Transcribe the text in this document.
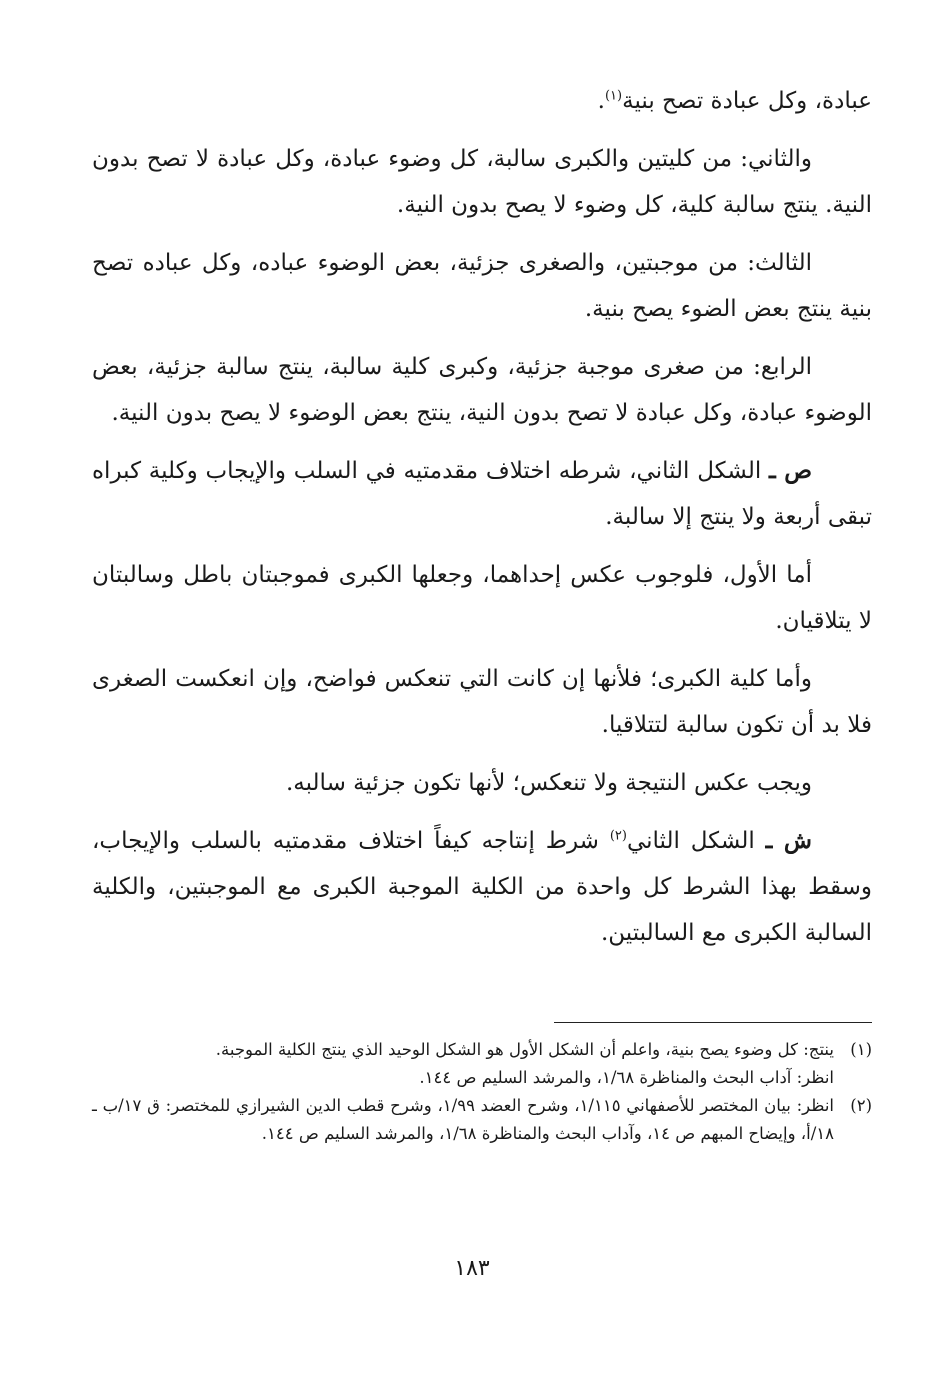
عبادة، وكل عبادة تصح بنية$^{(١)}$.

والثاني: من كليتين والكبرى سالبة، كل وضوء عبادة، وكل عبادة لا تصح بدون النية. ينتج سالبة كلية، كل وضوء لا يصح بدون النية.

الثالث: من موجبتين، والصغرى جزئية، بعض الوضوء عباده، وكل عباده تصح بنية ينتج بعض الضوء يصح بنية.

الرابع: من صغرى موجبة جزئية، وكبرى كلية سالبة، ينتج سالبة جزئية، بعض الوضوء عبادة، وكل عبادة لا تصح بدون النية، ينتج بعض الوضوء لا يصح بدون النية.

ص ـ الشكل الثاني، شرطه اختلاف مقدمتيه في السلب والإيجاب وكلية كبراه تبقى أربعة ولا ينتج إلا سالبة.

أما الأول، فلوجوب عكس إحداهما، وجعلها الكبرى فموجبتان باطل وسالبتان لا يتلاقيان.

وأما كلية الكبرى؛ فلأنها إن كانت التي تنعكس فواضح، وإن انعكست الصغرى فلا بد أن تكون سالبة لتتلاقيا.

ويجب عكس النتيجة ولا تنعكس؛ لأنها تكون جزئية سالبه.

ش ـ الشكل الثاني$^{(٢)}$ شرط إنتاجه كيفاً اختلاف مقدمتيه بالسلب والإيجاب، وسقط بهذا الشرط كل واحدة من الكلية الموجبة الكبرى مع الموجبتين، والكلية السالبة الكبرى مع السالبتين.

(١)

ينتج: كل وضوء يصح بنية، واعلم أن الشكل الأول هو الشكل الوحيد الذي ينتج الكلية الموجبة.

انظر: آداب البحث والمناظرة ١/٦٨، والمرشد السليم ص ١٤٤.

(٢)

انظر: بيان المختصر للأصفهاني ١/١١٥، وشرح العضد ١/٩٩، وشرح قطب الدين الشيرازي للمختصر: ق ١٧/ب ـ ١٨/أ، وإيضاح المبهم ص ١٤، وآداب البحث والمناظرة ١/٦٨، والمرشد السليم ص ١٤٤.

١٨٣
